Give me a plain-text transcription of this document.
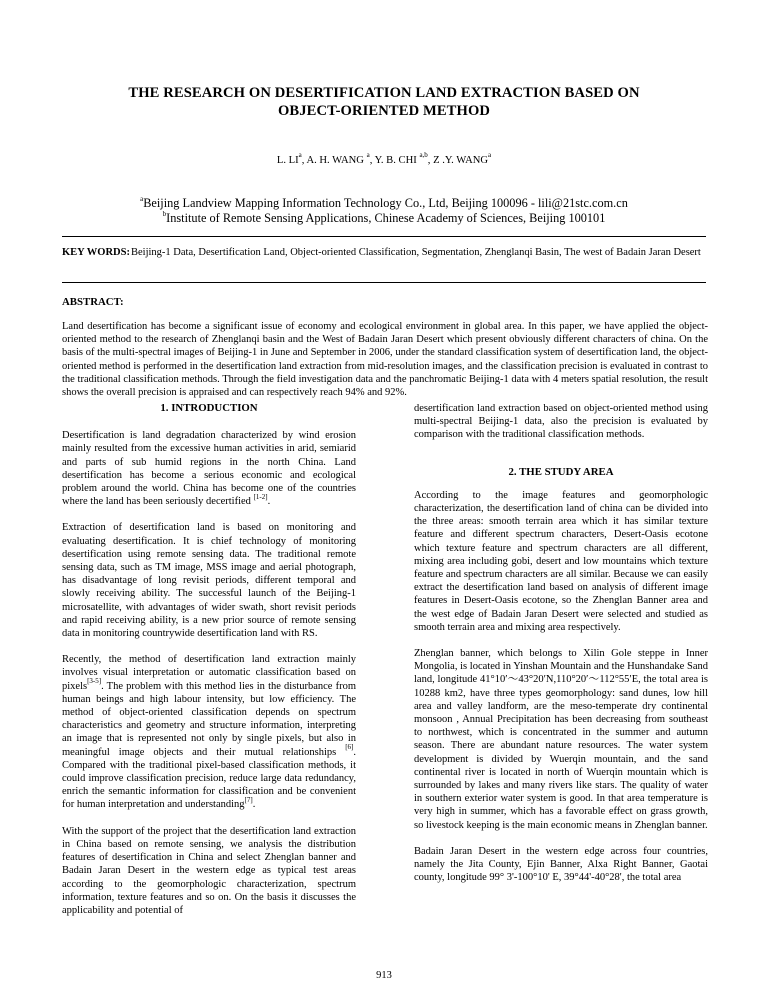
THE RESEARCH ON DESERTIFICATION LAND EXTRACTION BASED ON
OBJECT-ORIENTED METHOD
L. $LI^a$, A. H. WANG $^a$, Y. B. CHI $^{a,b}$, Z .Y. WANG$^a$
$^a$Beijing Landview Mapping Information Technology Co., Ltd, Beijing 100096 - lili@21stc.com.cn
$^b$Institute of Remote Sensing Applications, Chinese Academy of Sciences, Beijing 100101
KEY WORDS: Beijing-1 Data, Desertification Land, Object-oriented Classification, Segmentation, Zhenglanqi Basin, The west of Badain Jaran Desert
ABSTRACT:
Land desertification has become a significant issue of economy and ecological environment in global area. In this paper, we have applied the object-oriented method to the research of Zhenglanqi basin and the West of Badain Jaran Desert which present obviously different characters of china. On the basis of the multi-spectral images of Beijing-1 in June and September in 2006, under the standard classification system of desertification land, the object-oriented method is performed in the desertification land extraction from mid-resolution images, and the classification precision is evaluated in contrast to the traditional classification methods. Through the field investigation data and the panchromatic Beijing-1 data with 4 meters spatial resolution, the result shows the overall precision is appraised and can respectively reach 94% and 92%.

1. INTRODUCTION

Desertification is land degradation characterized by wind erosion mainly resulted from the excessive human activities in arid, semiarid and parts of sub humid regions in the north China. Land desertification has become a serious economic and ecological problem around the world. China has become one of the countries where the land has been seriously decertified [1-2].

Extraction of desertification land is based on monitoring and evaluating desertification. It is chief technology of monitoring desertification using remote sensing data. The traditional remote sensing data, such as TM image, MSS image and aerial photograph, has disadvantage of long revisit periods, different temporal and slowly receiving ability. The successful launch of the Beijing-1 microsatellite, with advantages of wider swath, short revisit periods and rapid receiving ability, is a new prior source of remote sensing data in monitoring countrywide desertification land with RS.

Recently, the method of desertification land extraction mainly involves visual interpretation or automatic classification based on pixels[3-5]. The problem with this method lies in the disturbance from human beings and high labour intensity, but low efficiency. The method of object-oriented classification depends on spectrum characteristics and geometry and structure information, interpreting an image that is represented not only by single pixels, but also in meaningful image objects and their mutual relationships [6]. Compared with the traditional pixel-based classification methods, it could improve classification precision, reduce large data redundancy, enrich the semantic information for classification and be convenient for human interpretation and understanding[7].

With the support of the project that the desertification land extraction in China based on remote sensing, we analysis the distribution features of desertification in China and select Zhenglan banner and Badain Jaran Desert in the western edge as typical test areas according to the geomorphologic characterization, spectrum information, texture features and so on. On the basis it discusses the applicability and potential of

desertification land extraction based on object-oriented method using multi-spectral Beijing-1 data, also the precision is evaluated by comparison with the traditional classification methods.

2. THE STUDY AREA

According to the image features and geomorphologic characterization, the desertification land of china can be divided into the three areas: smooth terrain area which it has similar texture feature and different spectrum characters, Desert-Oasis ecotone which texture feature and spectrum characters are all different, mixing area including gobi, desert and low mountains which texture feature and spectrum characters are all similar. Because we can easily extract the desertification land based on analysis of different image features in Desert-Oasis ecotone, so the Zhenglan Banner area and the west edge of Badain Jaran Desert were selected and studied as smooth terrain area and mixing area respectively.

Zhenglan banner, which belongs to Xilin Gole steppe in Inner Mongolia, is located in Yinshan Mountain and the Hunshandake Sand land, longitude 41°10′～43°20′N,110°20′～112°55′E, the total area is 10288 km2, have three types geomorphology: sand dunes, low hill area and valley landform, are the meso-temperate dry continental monsoon , Annual Precipitation has been decreasing from southeast to northwest, which is concentrated in the summer and autumn season. There are abundant nature resources. The water system development is divided by Wuerqin mountain, and the sand continental river is located in north of Wuerqin mountain which is surrounded by lakes and many rivers like stars. The quality of water in southern exterior water system is good. In that area temperature is very high in summer, which has a favorable effect on grass growth, so livestock keeping is the main economic means in Zhenglan banner.

Badain Jaran Desert in the western edge across four countries, namely the Jita County, Ejin Banner, Alxa Right Banner, Gaotai county, longitude 99° 3'-100°10' E, 39°44'-40°28', the total area

913
